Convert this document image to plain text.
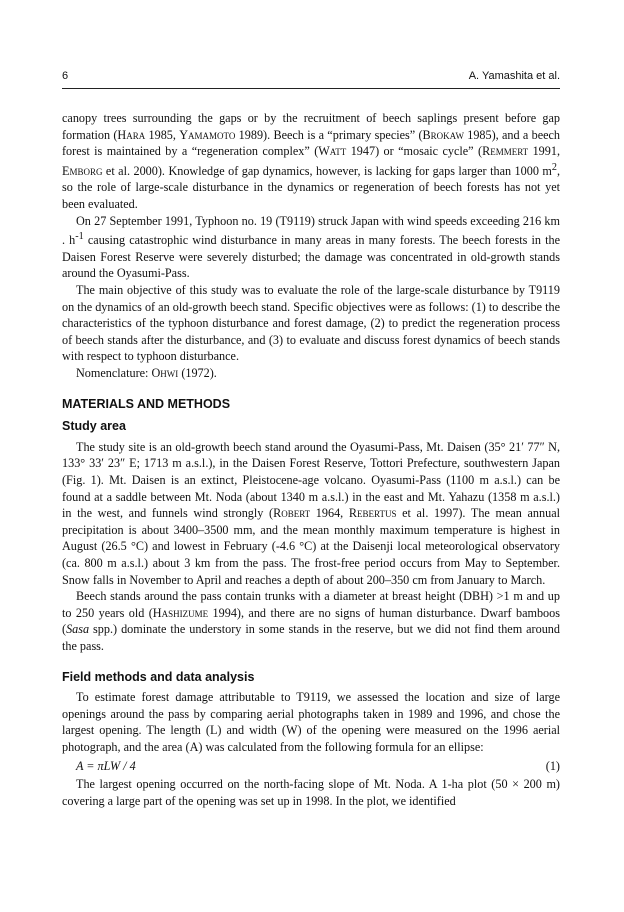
6	A. Yamashita et al.

canopy trees surrounding the gaps or by the recruitment of beech saplings present before gap formation (Hara 1985, Yamamoto 1989). Beech is a “primary species” (Brokaw 1985), and a beech forest is maintained by a “regeneration complex” (Watt 1947) or “mosaic cycle” (Remmert 1991, Emborg et al. 2000). Knowledge of gap dynamics, however, is lacking for gaps larger than 1000 $m^2$, so the role of large-scale disturbance in the dynamics or regeneration of beech forests has not yet been evaluated.

On 27 September 1991, Typhoon no. 19 (T9119) struck Japan with wind speeds exceeding 216 km . $h^{-1}$ causing catastrophic wind disturbance in many areas in many forests. The beech forests in the Daisen Forest Reserve were severely disturbed; the damage was concentrated in old-growth stands around the Oyasumi-Pass.

The main objective of this study was to evaluate the role of the large-scale disturbance by T9119 on the dynamics of an old-growth beech stand. Specific objectives were as follows: (1) to describe the characteristics of the typhoon disturbance and forest damage, (2) to predict the regeneration process of beech stands after the disturbance, and (3) to evaluate and discuss forest dynamics of beech stands with respect to typhoon disturbance.

Nomenclature: Ohwi (1972).

MATERIALS AND METHODS
Study area

The study site is an old-growth beech stand around the Oyasumi-Pass, Mt. Daisen (35° 21′ 77″ N, 133° 33′ 23″ E; 1713 m a.s.l.), in the Daisen Forest Reserve, Tottori Prefecture, southwestern Japan (Fig. 1). Mt. Daisen is an extinct, Pleistocene-age volcano. Oyasumi-Pass (1100 m a.s.l.) can be found at a saddle between Mt. Noda (about 1340 m a.s.l.) in the east and Mt. Yahazu (1358 m a.s.l.) in the west, and funnels wind strongly (Robert 1964, Rebertus et al. 1997). The mean annual precipitation is about 3400–3500 mm, and the mean monthly maximum temperature is highest in August (26.5 °C) and lowest in February (-4.6 °C) at the Daisenji local meteorological observatory (ca. 800 m a.s.l.) about 3 km from the pass. The frost-free period occurs from May to September. Snow falls in November to April and reaches a depth of about 200–350 cm from January to March.

Beech stands around the pass contain trunks with a diameter at breast height (DBH) >1 m and up to 250 years old (Hashizume 1994), and there are no signs of human disturbance. Dwarf bamboos (Sasa spp.) dominate the understory in some stands in the reserve, but we did not find them around the pass.

Field methods and data analysis

To estimate forest damage attributable to T9119, we assessed the location and size of large openings around the pass by comparing aerial photographs taken in 1989 and 1996, and chose the largest opening. The length (L) and width (W) of the opening were measured on the 1996 aerial photograph, and the area (A) was calculated from the following formula for an ellipse:

A = πLW / 4	(1)

The largest opening occurred on the north-facing slope of Mt. Noda. A 1-ha plot (50 × 200 m) covering a large part of the opening was set up in 1998. In the plot, we identified
